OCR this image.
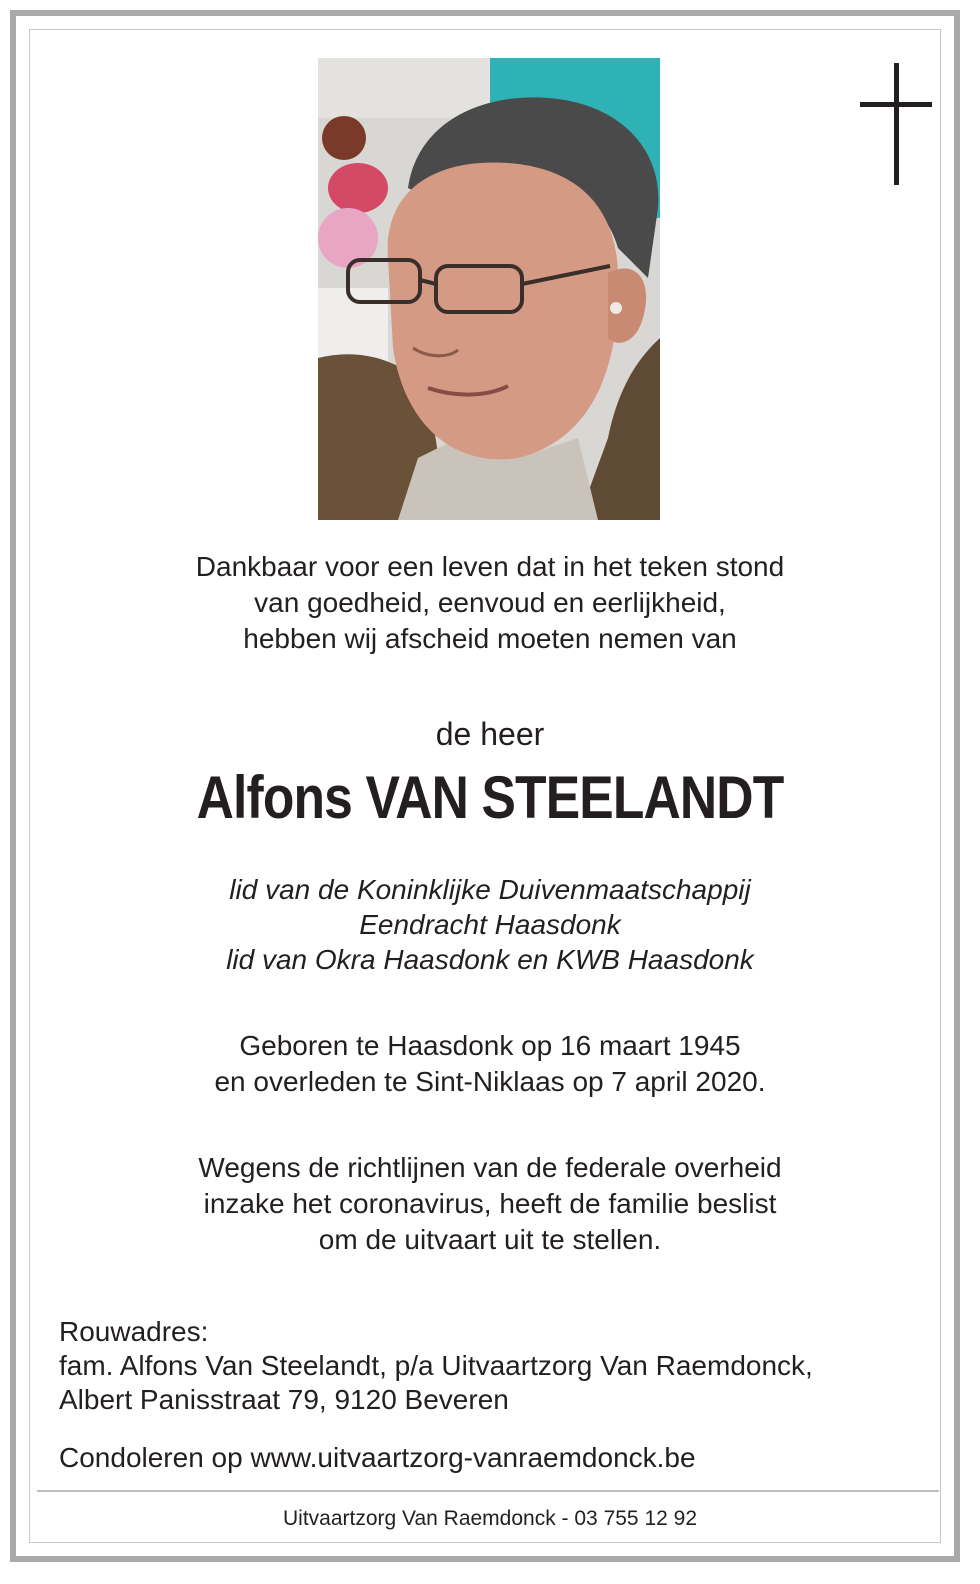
Dankbaar voor een leven dat in het teken stond
van goedheid, eenvoud en eerlijkheid,
hebben wij afscheid moeten nemen van
de heer
Alfons VAN STEELANDT
lid van de Koninklijke Duivenmaatschappij
Eendracht Haasdonk
lid van Okra Haasdonk en KWB Haasdonk
Geboren te Haasdonk op 16 maart 1945
en overleden te Sint-Niklaas op 7 april 2020.
Wegens de richtlijnen van de federale overheid
inzake het coronavirus, heeft de familie beslist
om de uitvaart uit te stellen.
Rouwadres:
fam. Alfons Van Steelandt, p/a Uitvaartzorg Van Raemdonck,
Albert Panisstraat 79, 9120 Beveren
Condoleren op www.uitvaartzorg-vanraemdonck.be
Uitvaartzorg Van Raemdonck - 03 755 12 92
